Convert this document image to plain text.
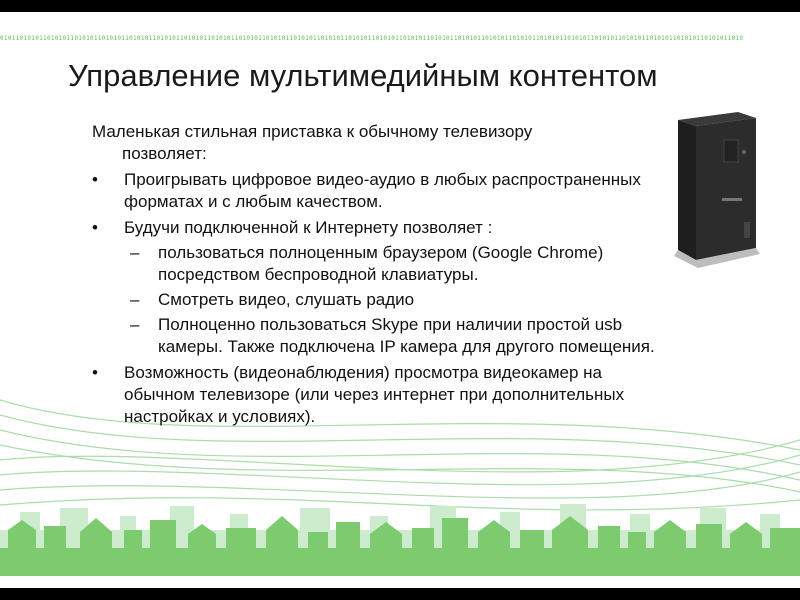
0101101010110101011010101101010110101011010101101010110101011010101101010110101011010101101010110101011010101101010110101011010101101010110101011010101101010110101011010101101010110101011010
Управление мультимедийным контентом
Маленькая стильная приставка к обычному телевизору
позволяет:
• Проигрывать цифровое видео-аудио в любых распространенных форматах и с любым качеством.
• Будучи подключенной к Интернету позволяет :
– пользоваться полноценным браузером (Google Chrome) посредством беспроводной клавиатуры.
– Смотреть видео, слушать радио
– Полноценно пользоваться Skype при наличии простой usb камеры. Также подключена IP камера для другого помещения.
• Возможность (видеонаблюдения) просмотра видеокамер на обычном телевизоре (или через интернет при дополнительных настройках и условиях).
